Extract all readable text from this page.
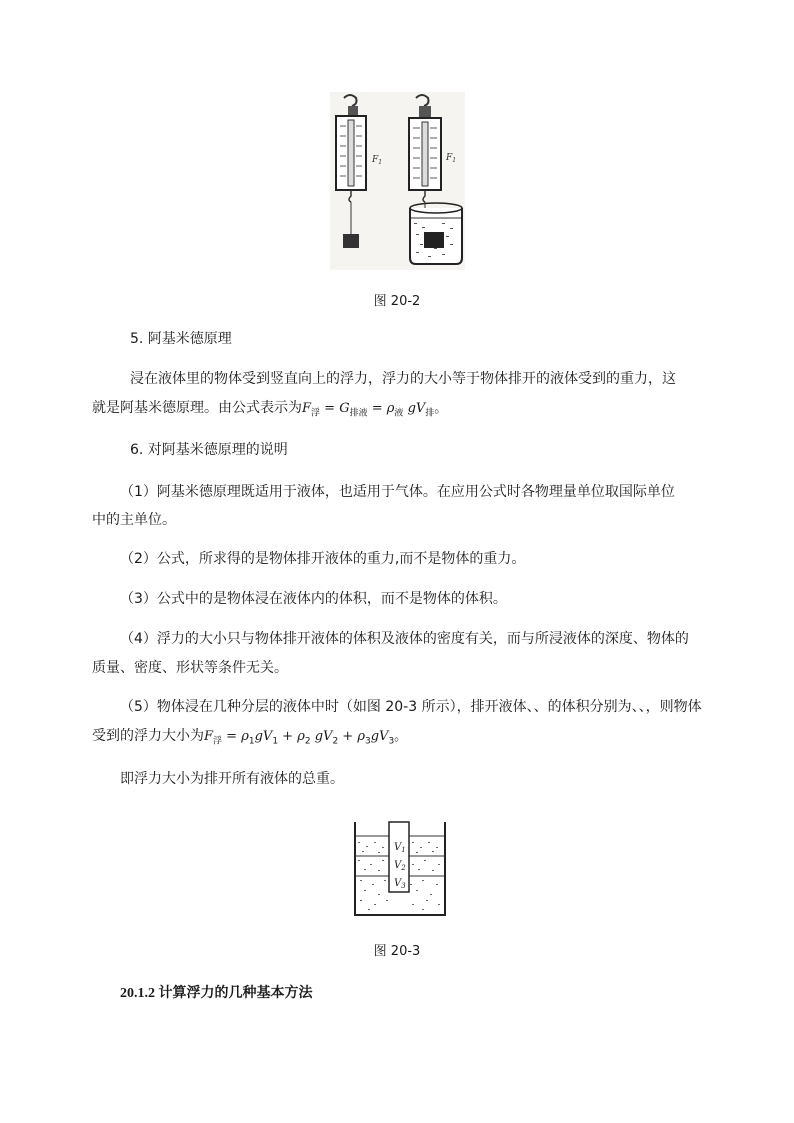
$F_1$	$F_1$
图 20-2
5. 阿基米德原理
浸在液体里的物体受到竖直向上的浮力，浮力的大小等于物体排开的液体受到的重力，这
就是阿基米德原理。由公式表示为$F_浮 = G_{排液} = \rho_液$ $gV_排$。
6. 对阿基米德原理的说明
（1）阿基米德原理既适用于液体，也适用于气体。在应用公式时各物理量单位取国际单位
中的主单位。
（2）公式，所求得的是物体排开液体的重力,而不是物体的重力。
（3）公式中的是物体浸在液体内的体积，而不是物体的体积。
（4）浮力的大小只与物体排开液体的体积及液体的密度有关，而与所浸液体的深度、物体的
质量、密度、形状等条件无关。
（5）物体浸在几种分层的液体中时（如图 20-3 所示），排开液体、、的体积分别为、、，则物体
受到的浮力大小为$F_浮 = \rho_1gV_1 + \rho_2$ $gV_2 + \rho_3gV_3$。
即浮力大小为排开所有液体的总重。
$V_1$
$V_2$
$V_3$
图 20-3
20.1.2 计算浮力的几种基本方法
